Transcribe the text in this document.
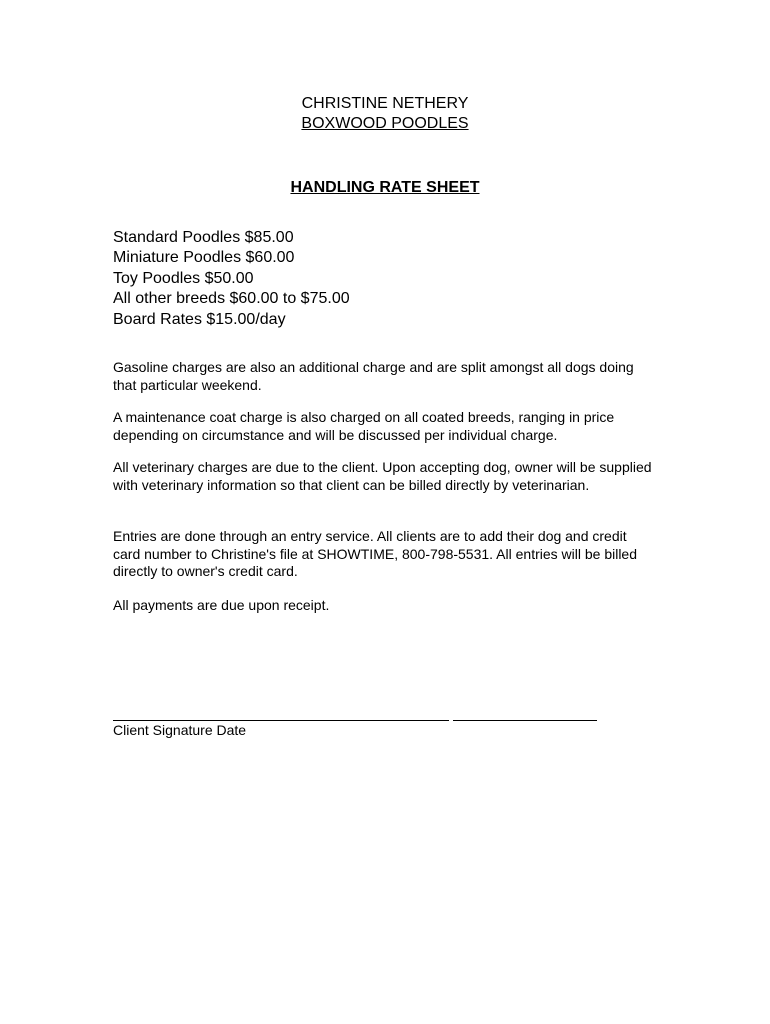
CHRISTINE NETHERY
BOXWOOD POODLES
HANDLING RATE SHEET
Standard Poodles $85.00
Miniature Poodles $60.00
Toy Poodles $50.00
All other breeds $60.00 to $75.00
Board Rates $15.00/day

Gasoline charges are also an additional charge and are split amongst all dogs doing that particular weekend.

A maintenance coat charge is also charged on all coated breeds, ranging in price depending on circumstance and will be discussed per individual charge.

All veterinary charges are due to the client. Upon accepting dog, owner will be supplied with veterinary information so that client can be billed directly by veterinarian.

Entries are done through an entry service. All clients are to add their dog and credit card number to Christine's file at SHOWTIME, 800-798-5531. All entries will be billed directly to owner's credit card.

All payments are due upon receipt.

Client Signature Date
